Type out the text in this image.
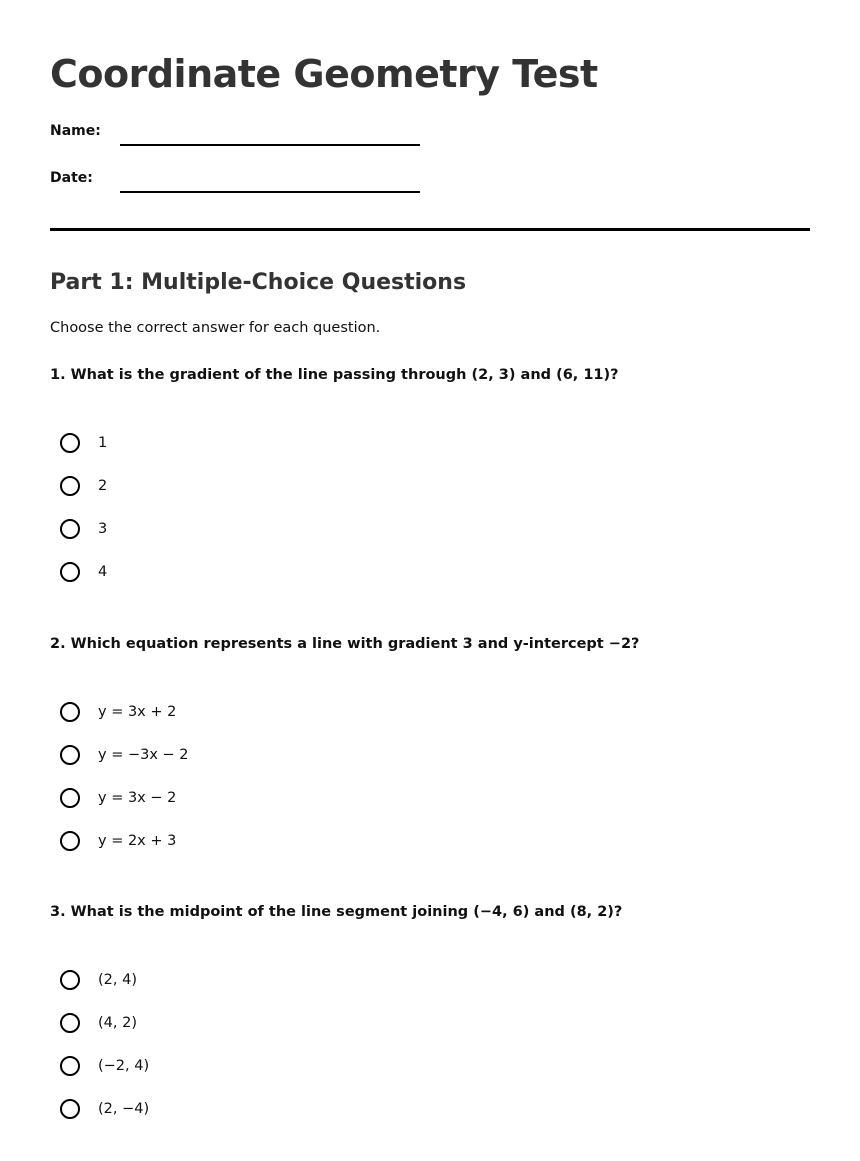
Coordinate Geometry Test
Name:
Date:
Part 1: Multiple-Choice Questions

Choose the correct answer for each question.

1. What is the gradient of the line passing through (2, 3) and (6, 11)?

1
2
3
4

2. Which equation represents a line with gradient 3 and y-intercept −2?

y = 3x + 2
y = −3x − 2
y = 3x − 2
y = 2x + 3

3. What is the midpoint of the line segment joining (−4, 6) and (8, 2)?

(2, 4)
(4, 2)
(−2, 4)
(2, −4)
